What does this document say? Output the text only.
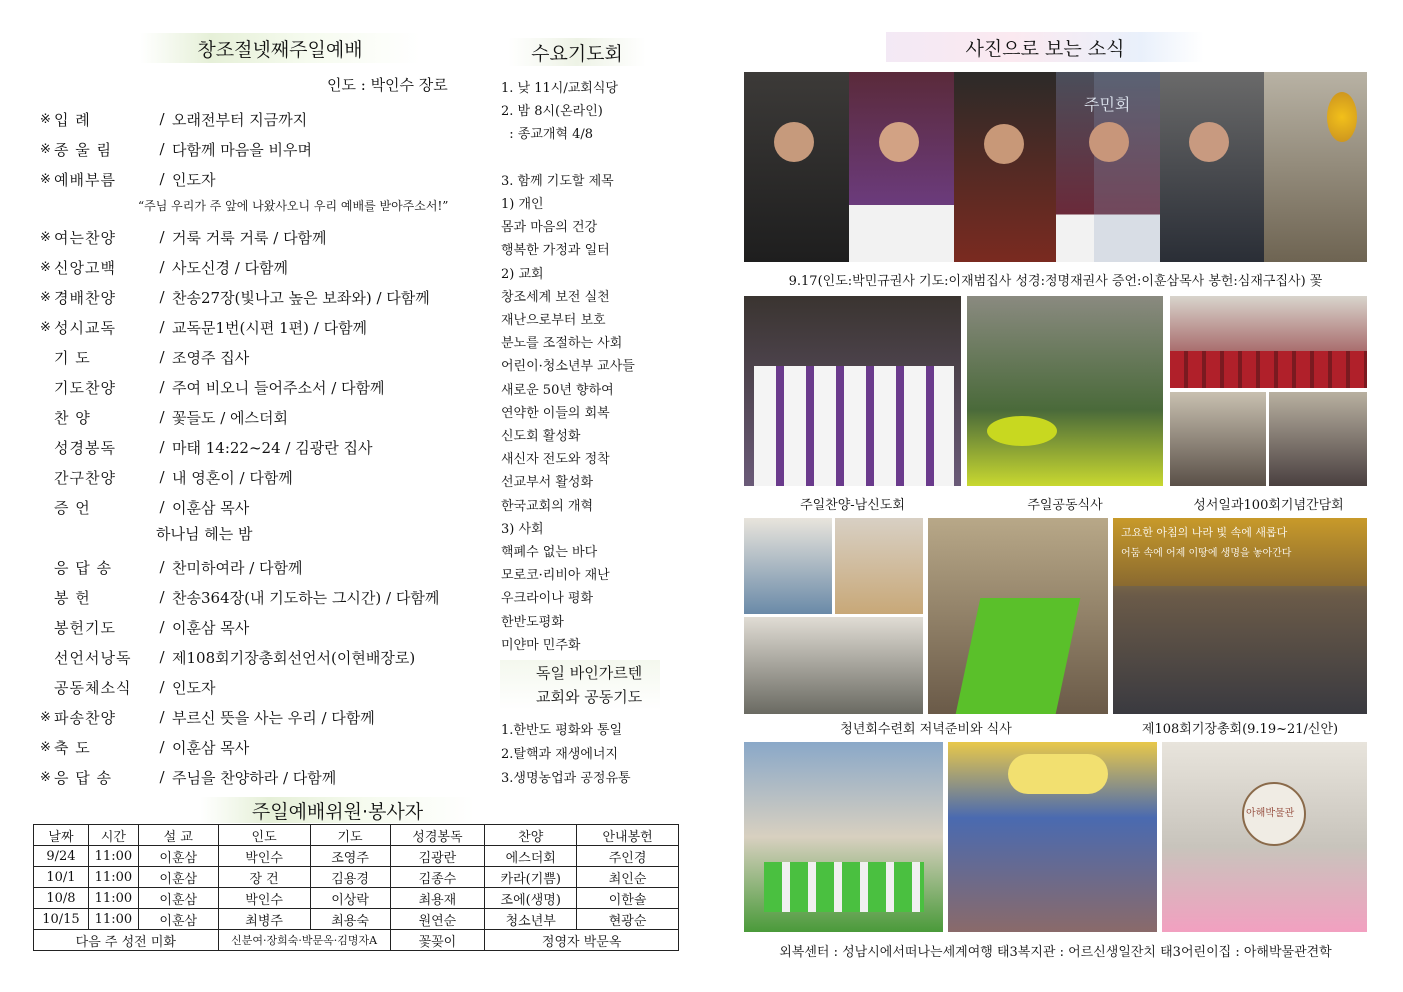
창조절넷째주일예배
인도 : 박인수 장로
※ 입 례	/ 오래전부터 지금까지
※ 종 울 림	/ 다함께 마음을 비우며
※ 예배부름	/ 인도자
※ 여는찬양	/ 거룩 거룩 거룩 / 다함께
※ 신앙고백	/ 사도신경 / 다함께
※ 경배찬양	/ 찬송27장(빛나고 높은 보좌와) / 다함께
※ 성시교독	/ 교독문1번(시편 1편) / 다함께
기 도	/ 조영주 집사
기도찬양	/ 주여 비오니 들어주소서 / 다함께
찬 양	/ 꽃들도 / 에스더회
성경봉독	/ 마태 14:22~24 / 김광란 집사
간구찬양	/ 내 영혼이 / 다함께
증 언	/ 이훈삼 목사
응 답 송	/ 찬미하여라 / 다함께
봉 헌	/ 찬송364장(내 기도하는 그시간) / 다함께
봉헌기도	/ 이훈삼 목사
선언서낭독	/ 제108회기장총회선언서(이현배장로)
공동체소식	/ 인도자
※ 파송찬양	/ 부르신 뜻을 사는 우리 / 다함께
※ 축 도	/ 이훈삼 목사
※ 응 답 송	/ 주님을 찬양하라 / 다함께
“주님 우리가 주 앞에 나왔사오니 우리 예배를 받아주소서!”
하나님 헤는 밤
주일예배위원·봉사자
날짜	시간	설 교	인도	기도	성경봉독	찬양	안내봉헌
9/24	11:00	이훈삼	박인수	조영주	김광란	에스더회	주인경
10/1	11:00	이훈삼	장 건	김용경	김종수	카라(기쁨)	최인순
10/8	11:00	이훈삼	박인수	이상락	최용재	조에(생명)	이한솔
10/15	11:00	이훈삼	최병주	최용숙	원연순	청소년부	현광순
다음 주 성전 미화			신분여·장희숙·박문옥·김명자A		꽃꽂이	정영자 박문옥	
수요기도회
1. 낮 11시/교회식당
2. 밤 8시(온라인)
: 종교개혁 4/8
3. 함께 기도할 제목
1) 개인
몸과 마음의 건강
행복한 가정과 일터
2) 교회
창조세계 보전 실천
재난으로부터 보호
분노를 조절하는 사회
어린이·청소년부 교사들
새로운 50년 향하여
연약한 이들의 회복
신도회 활성화
새신자 전도와 정착
선교부서 활성화
한국교회의 개혁
3) 사회
핵폐수 없는 바다
모로코·리비아 재난
우크라이나 평화
한반도평화
미얀마 민주화
독일 바인가르텐
교회와 공동기도
1.한반도 평화와 통일
2.탈핵과 재생에너지
3.생명농업과 공정유통
사진으로 보는 소식
주민회
9.17(인도:박민규권사 기도:이재범집사 성경:정명재권사 증언:이훈삼목사 봉헌:심재구집사) 꽃
주일찬양-남신도회	주일공동식사	성서일과100회기념간담회
고요한 아침의 나라 빛 속에 새롭다
어둠 속에 어제 이땅에 생명을 놓아간다
청년회수련회 저녁준비와 식사	제108회기장총회(9.19~21/신안)
아해박물관
외복센터 : 성남시에서떠나는세계여행 태3복지관 : 어르신생일잔치 태3어린이집 : 아해박물관견학
